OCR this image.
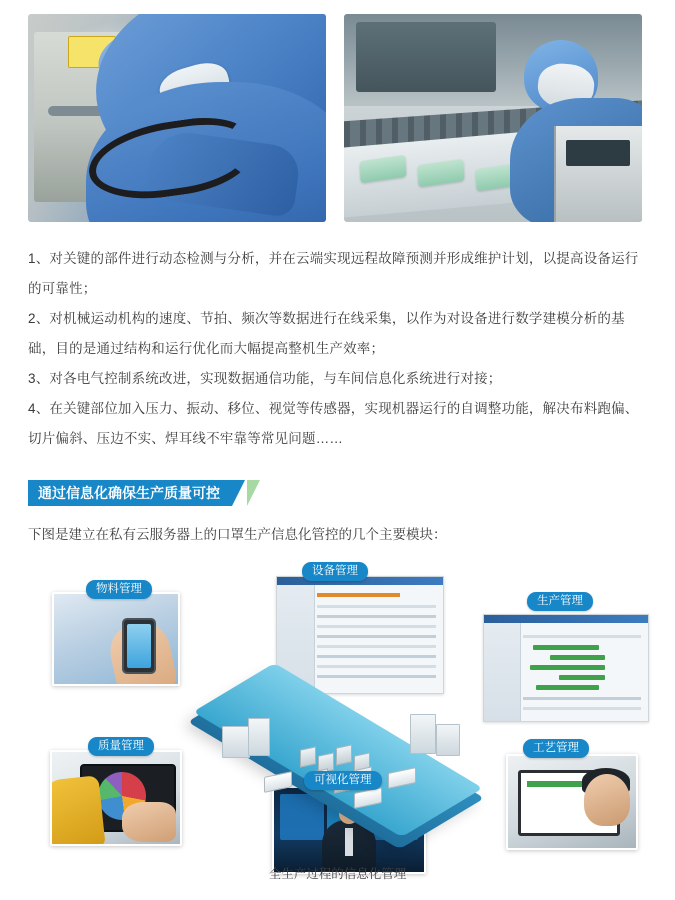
1、对关键的部件进行动态检测与分析，并在云端实现远程故障预测并形成维护计划，以提高设备运行的可靠性；

2、对机械运动机构的速度、节拍、频次等数据进行在线采集，以作为对设备进行数学建模分析的基础，目的是通过结构和运行优化而大幅提高整机生产效率；

3、对各电气控制系统改进，实现数据通信功能，与车间信息化系统进行对接；

4、在关键部位加入压力、振动、移位、视觉等传感器，实现机器运行的自调整功能，解决布料跑偏、切片偏斜、压边不实、焊耳线不牢靠等常见问题……

通过信息化确保生产质量可控
下图是建立在私有云服务器上的口罩生产信息化管控的几个主要模块：
物料管理
设备管理
生产管理
质量管理
可视化管理
工艺管理
全生产过程的信息化管理
